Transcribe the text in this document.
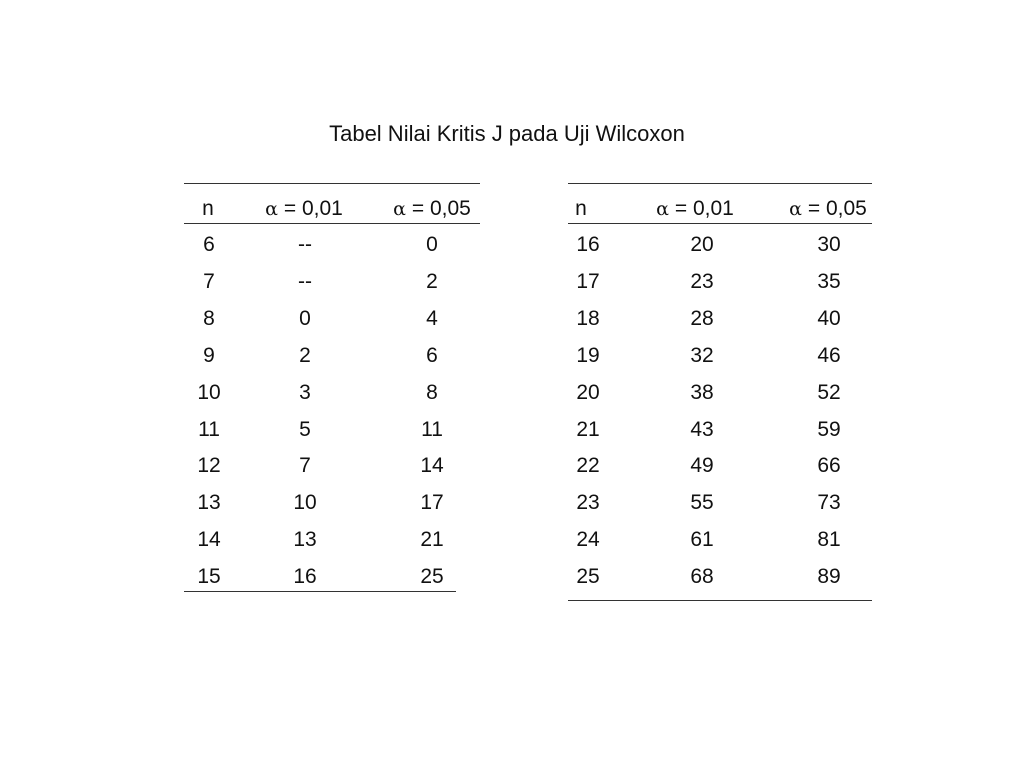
Tabel Nilai Kritis J pada Uji Wilcoxon
n	α = 0,01	α = 0,05
6	--	0
7	--	2
8	0	4
9	2	6
10	3	8
11	5	11
12	7	14
13	10	17
14	13	21
15	16	25
n	α = 0,01	α = 0,05
16	20	30
17	23	35
18	28	40
19	32	46
20	38	52
21	43	59
22	49	66
23	55	73
24	61	81
25	68	89
